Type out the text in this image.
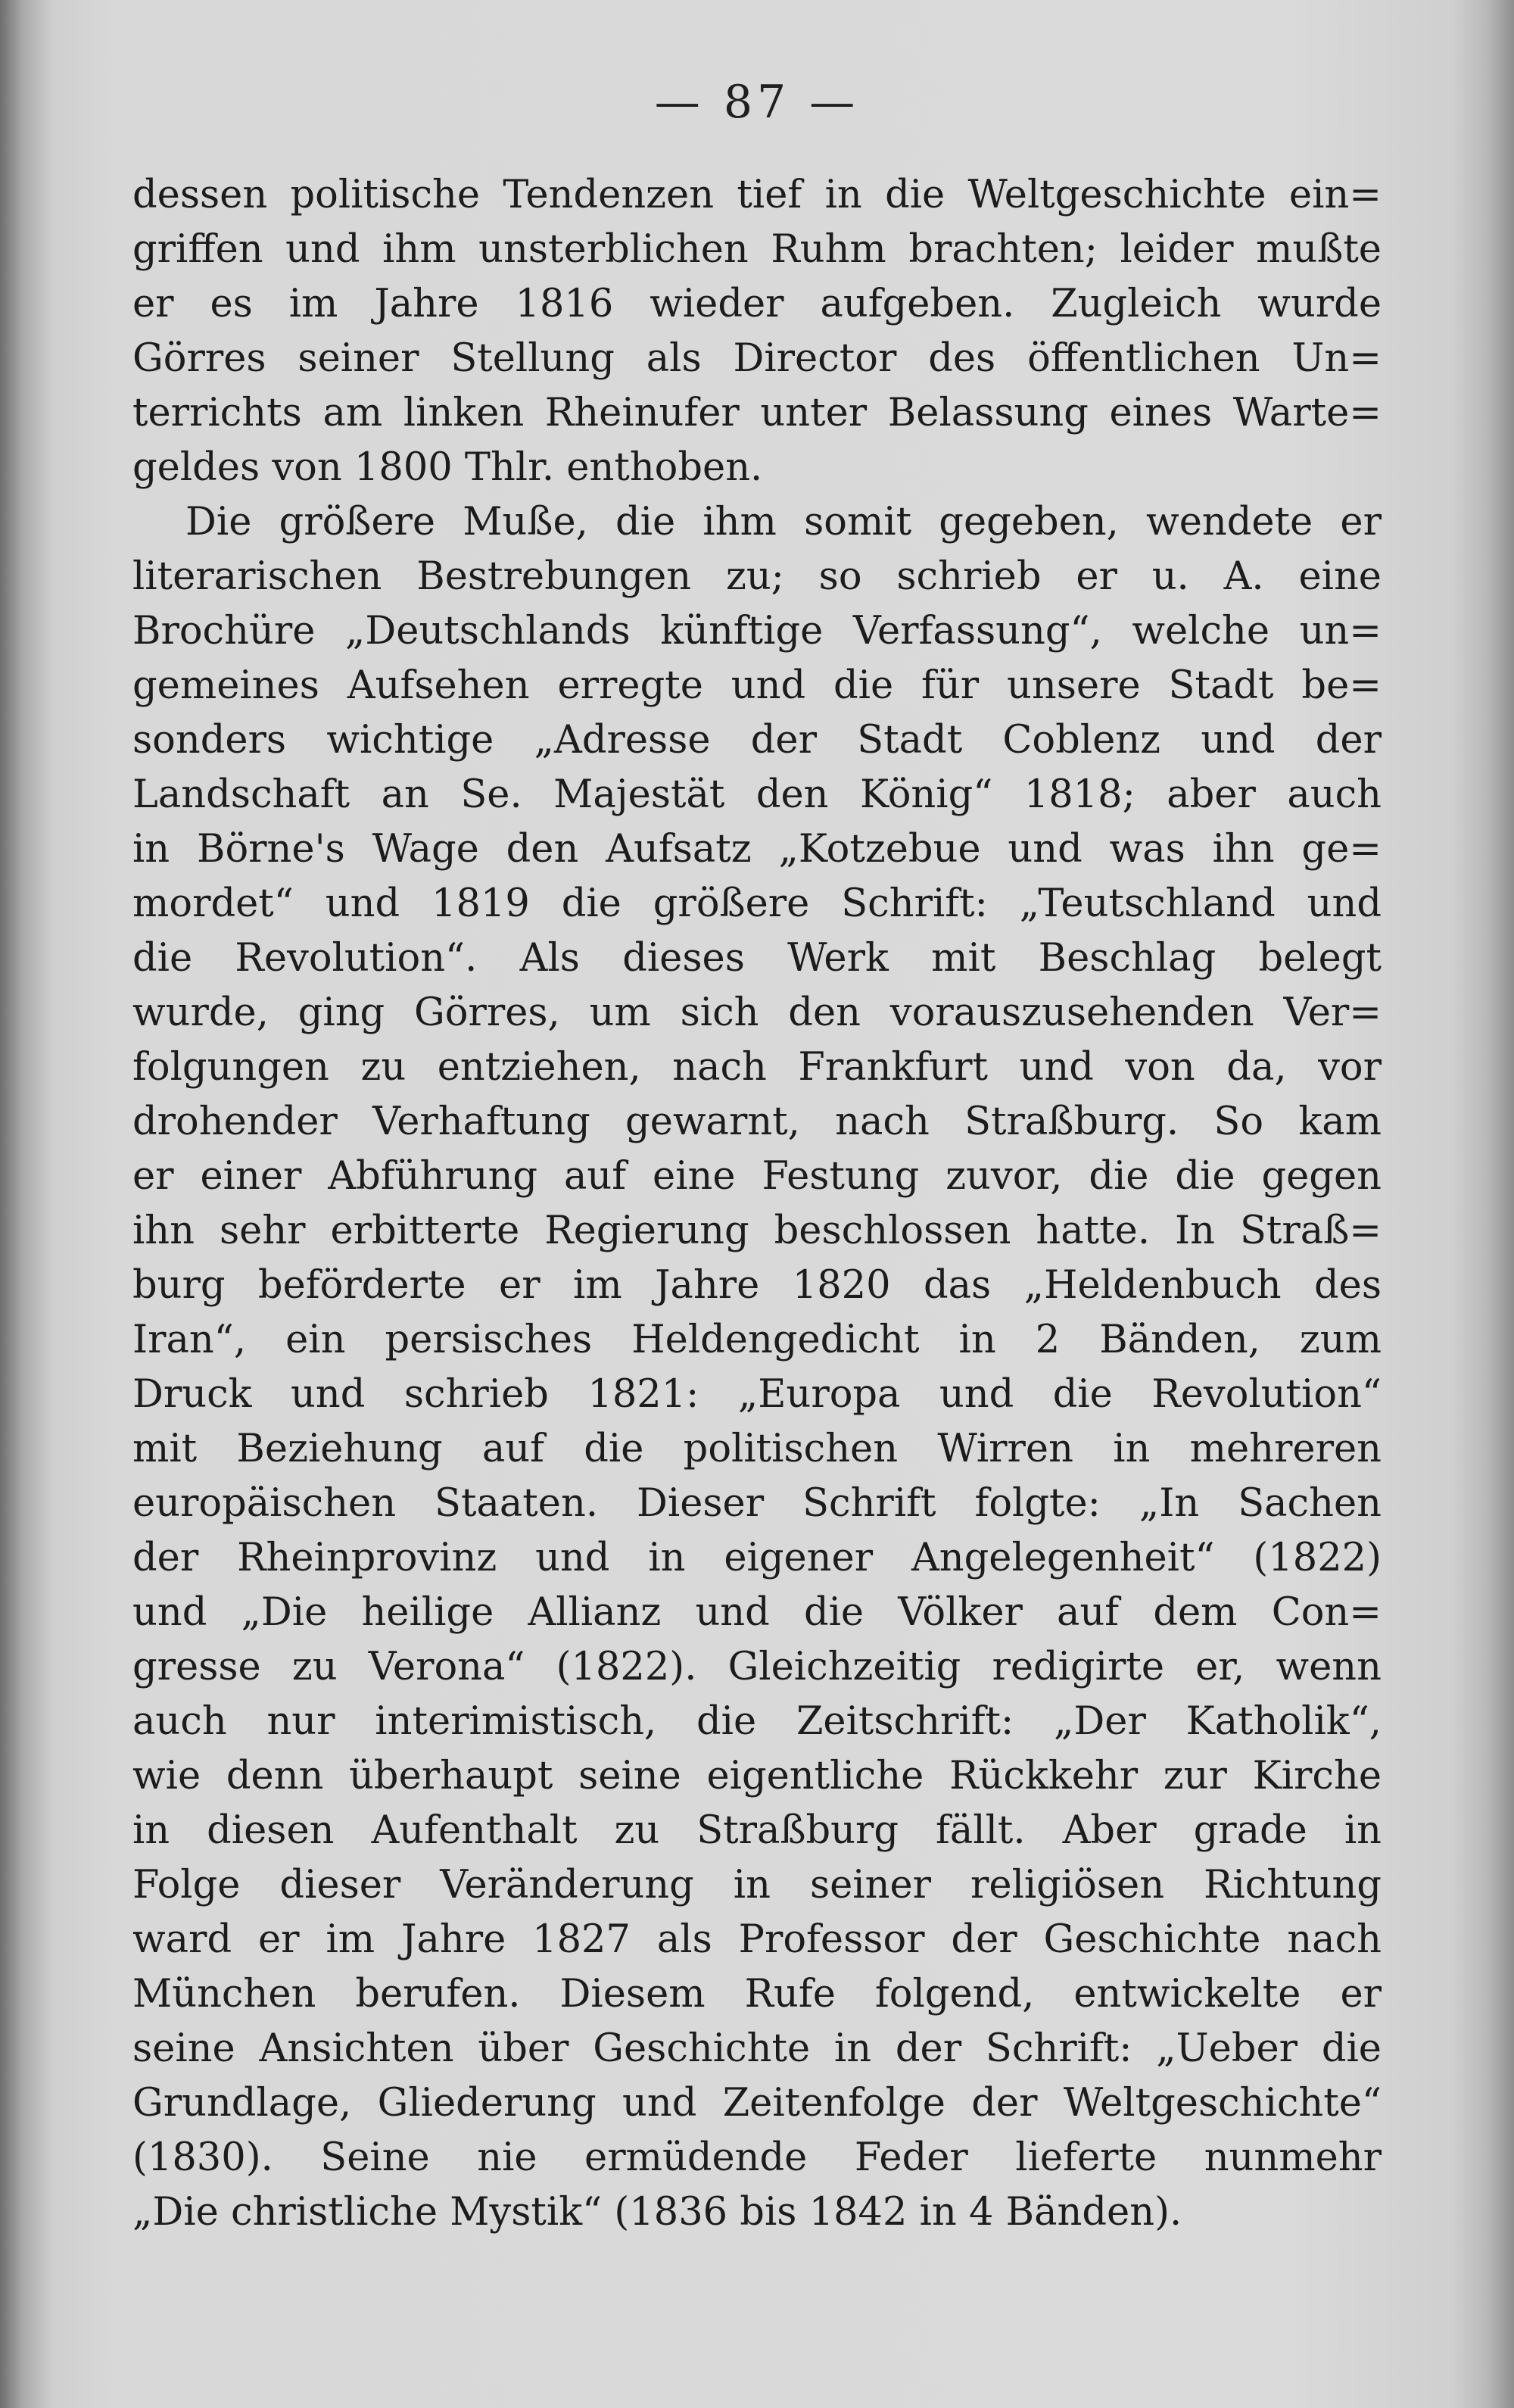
— 87 —
dessen politische Tendenzen tief in die Weltgeschichte ein=
griffen und ihm unsterblichen Ruhm brachten; leider mußte
er es im Jahre 1816 wieder aufgeben. Zugleich wurde
Görres seiner Stellung als Director des öffentlichen Un=
terrichts am linken Rheinufer unter Belassung eines Warte=
geldes von 1800 Thlr. enthoben.
Die größere Muße, die ihm somit gegeben, wendete er
literarischen Bestrebungen zu; so schrieb er u. A. eine
Brochüre „Deutschlands künftige Verfassung“, welche un=
gemeines Aufsehen erregte und die für unsere Stadt be=
sonders wichtige „Adresse der Stadt Coblenz und der
Landschaft an Se. Majestät den König“ 1818; aber auch
in Börne's Wage den Aufsatz „Kotzebue und was ihn ge=
mordet“ und 1819 die größere Schrift: „Teutschland und
die Revolution“. Als dieses Werk mit Beschlag belegt
wurde, ging Görres, um sich den vorauszusehenden Ver=
folgungen zu entziehen, nach Frankfurt und von da, vor
drohender Verhaftung gewarnt, nach Straßburg. So kam
er einer Abführung auf eine Festung zuvor, die die gegen
ihn sehr erbitterte Regierung beschlossen hatte. In Straß=
burg beförderte er im Jahre 1820 das „Heldenbuch des
Iran“, ein persisches Heldengedicht in 2 Bänden, zum
Druck und schrieb 1821: „Europa und die Revolution“
mit Beziehung auf die politischen Wirren in mehreren
europäischen Staaten. Dieser Schrift folgte: „In Sachen
der Rheinprovinz und in eigener Angelegenheit“ (1822)
und „Die heilige Allianz und die Völker auf dem Con=
gresse zu Verona“ (1822). Gleichzeitig redigirte er, wenn
auch nur interimistisch, die Zeitschrift: „Der Katholik“,
wie denn überhaupt seine eigentliche Rückkehr zur Kirche
in diesen Aufenthalt zu Straßburg fällt. Aber grade in
Folge dieser Veränderung in seiner religiösen Richtung
ward er im Jahre 1827 als Professor der Geschichte nach
München berufen. Diesem Rufe folgend, entwickelte er
seine Ansichten über Geschichte in der Schrift: „Ueber die
Grundlage, Gliederung und Zeitenfolge der Weltgeschichte“
(1830). Seine nie ermüdende Feder lieferte nunmehr
„Die christliche Mystik“ (1836 bis 1842 in 4 Bänden).
